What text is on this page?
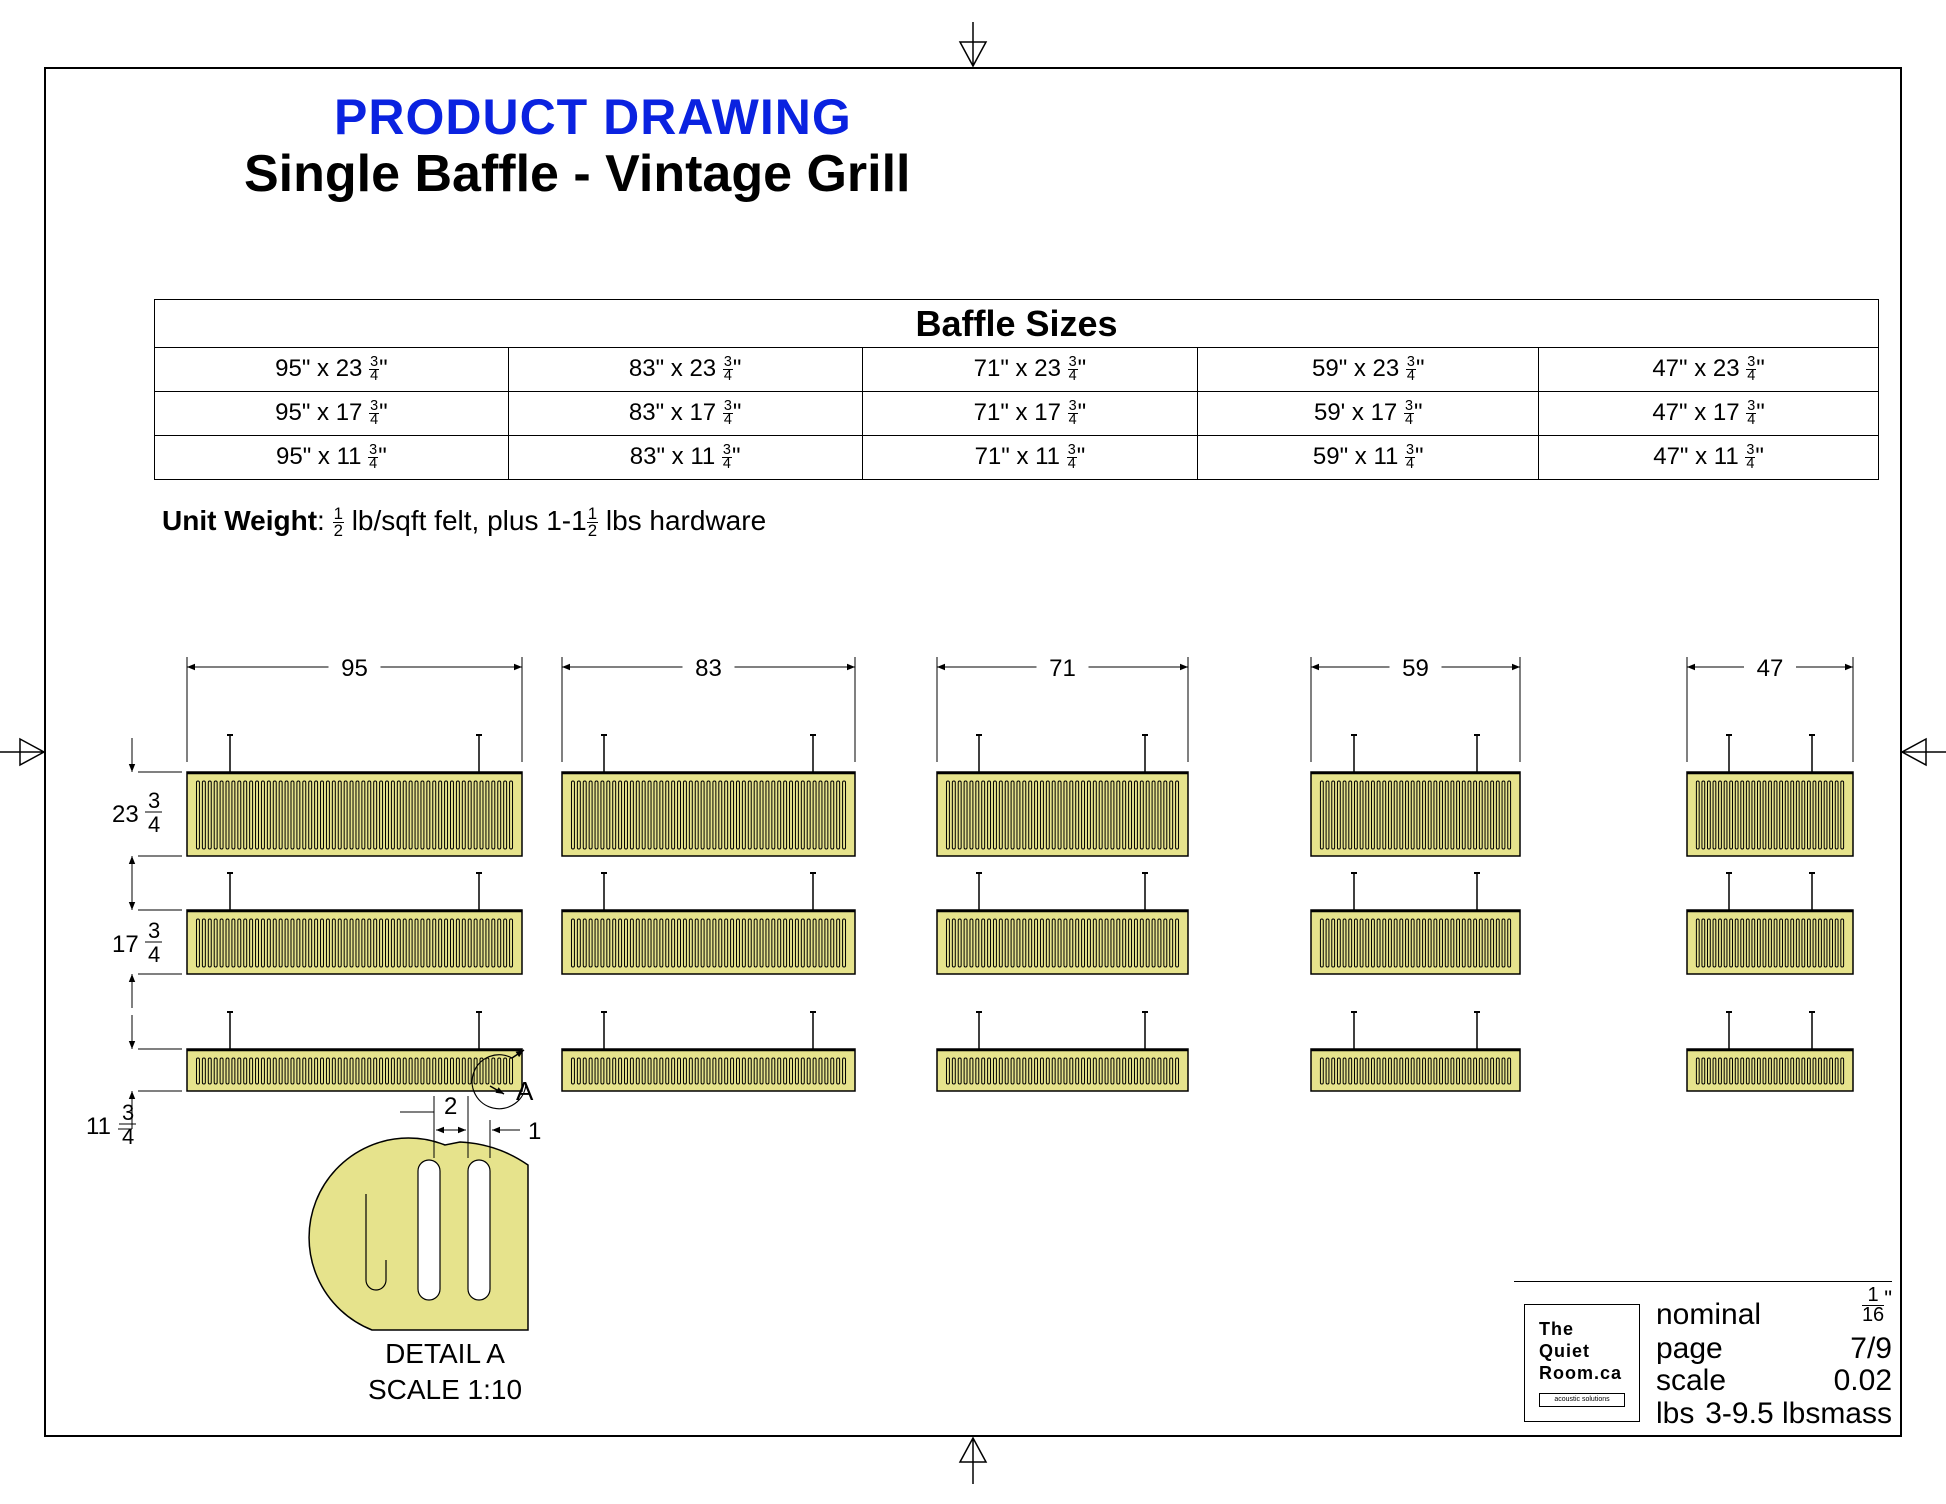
PRODUCT DRAWING
Single Baffle - Vintage Grill
Baffle Sizes				
95" x $23 \frac{3}{4}$ "	83" x $23 \frac{3}{4}$ "	71" x $23 \frac{3}{4}$ "	59" x $23 \frac{3}{4}$ "	47" x $23 \frac{3}{4}$ "
95" x $17 \frac{3}{4}$ "	83" x $17 \frac{3}{4}$ "	71" x $17 \frac{3}{4}$ "	59' x $17 \frac{3}{4}$ "	47" x $17 \frac{3}{4}$ "
95" x $11 \frac{3}{4}$ "	83" x $11 \frac{3}{4}$ "	71" x $11 \frac{3}{4}$ "	59" x $11 \frac{3}{4}$ "	47" x $11 \frac{3}{4}$ "
Unit Weight: $\frac{1}{2}$ lb/sqft felt, plus $1-1 \frac{1}{2}$ lbs hardware
95	83	71	59	47
23
3
4
17
3
4
11
3
4
A
2
1
DETAIL A
SCALE 1:10
The
Quiet
Room.ca
acoustic solutions
nominal	$\frac{1}{16} ^"$
page	7/9
scale	0.02
lbs 3-9.5 lbsmass
